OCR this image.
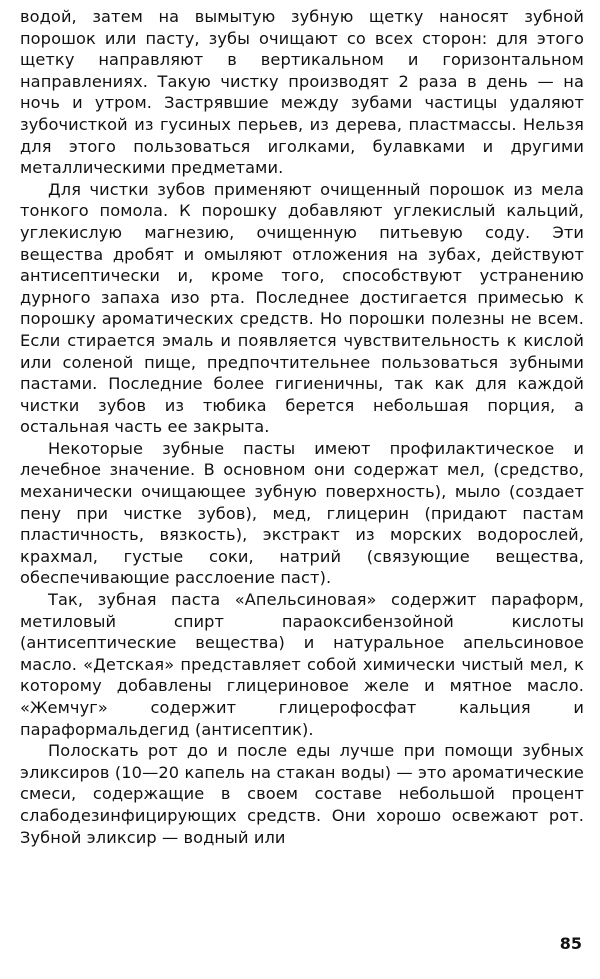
водой, затем на вымытую зубную щетку наносят зубной порошок или пасту, зубы очищают со всех сторон: для этого щетку направляют в вертикальном и горизонтальном направлениях. Такую чистку производят 2 раза в день — на ночь и утром. Застрявшие между зубами частицы удаляют зубочисткой из гусиных перьев, из дерева, пластмассы. Нельзя для этого пользоваться иголками, булавками и другими металлическими предметами.

Для чистки зубов применяют очищенный порошок из мела тонкого помола. К порошку добавляют углекислый кальций, углекислую магнезию, очищенную питьевую соду. Эти вещества дробят и омыляют отложения на зубах, действуют антисептически и, кроме того, способствуют устранению дурного запаха изо рта. Последнее достигается примесью к порошку ароматических средств. Но порошки полезны не всем. Если стирается эмаль и появляется чувствительность к кислой или соленой пище, предпочтительнее пользоваться зубными пастами. Последние более гигиеничны, так как для каждой чистки зубов из тюбика берется небольшая порция, а остальная часть ее закрыта.

Некоторые зубные пасты имеют профилактическое и лечебное значение. В основном они содержат мел, (средство, механически очищающее зубную поверхность), мыло (создает пену при чистке зубов), мед, глицерин (придают пастам пластичность, вязкость), экстракт из морских водорослей, крахмал, густые соки, натрий (связующие вещества, обеспечивающие расслоение паст).

Так, зубная паста «Апельсиновая» содержит параформ, метиловый спирт параоксибензойной кислоты (антисептические вещества) и натуральное апельсиновое масло. «Детская» представляет собой химически чистый мел, к которому добавлены глицериновое желе и мятное масло. «Жемчуг» содержит глицерофосфат кальция и параформальдегид (антисептик).

Полоскать рот до и после еды лучше при помощи зубных эликсиров (10—20 капель на стакан воды) — это ароматические смеси, содержащие в своем составе небольшой процент слабодезинфицирующих средств. Они хорошо освежают рот. Зубной эликсир — водный или

85
